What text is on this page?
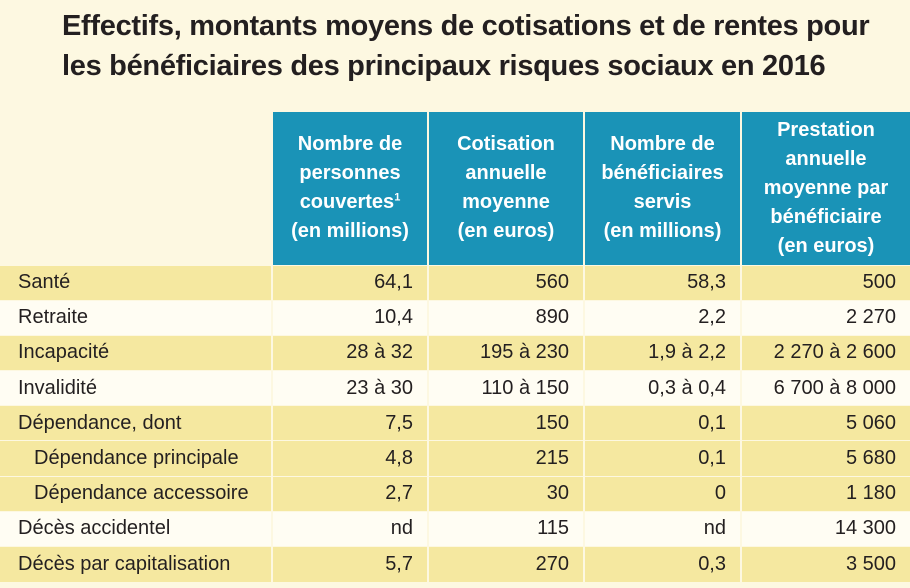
Effectifs, montants moyens de cotisations et de rentes pour
les bénéficiaires des principaux risques sociaux en 2016
	Nombre de
personnes
couvertes$^1$
(en millions)	Cotisation
annuelle
moyenne
(en euros)	Nombre de
bénéficiaires
servis
(en millions)	Prestation
annuelle
moyenne par
bénéficiaire
(en euros)
Santé	64,1	560	58,3	500
Retraite	10,4	890	2,2	2 270
Incapacité	28 à 32	195 à 230	1,9 à 2,2	2 270 à 2 600
Invalidité	23 à 30	110 à 150	0,3 à 0,4	6 700 à 8 000
Dépendance, dont	7,5	150	0,1	5 060
Dépendance principale	4,8	215	0,1	5 680
Dépendance accessoire	2,7	30	0	1 180
Décès accidentel	nd	115	nd	14 300
Décès par capitalisation	5,7	270	0,3	3 500
